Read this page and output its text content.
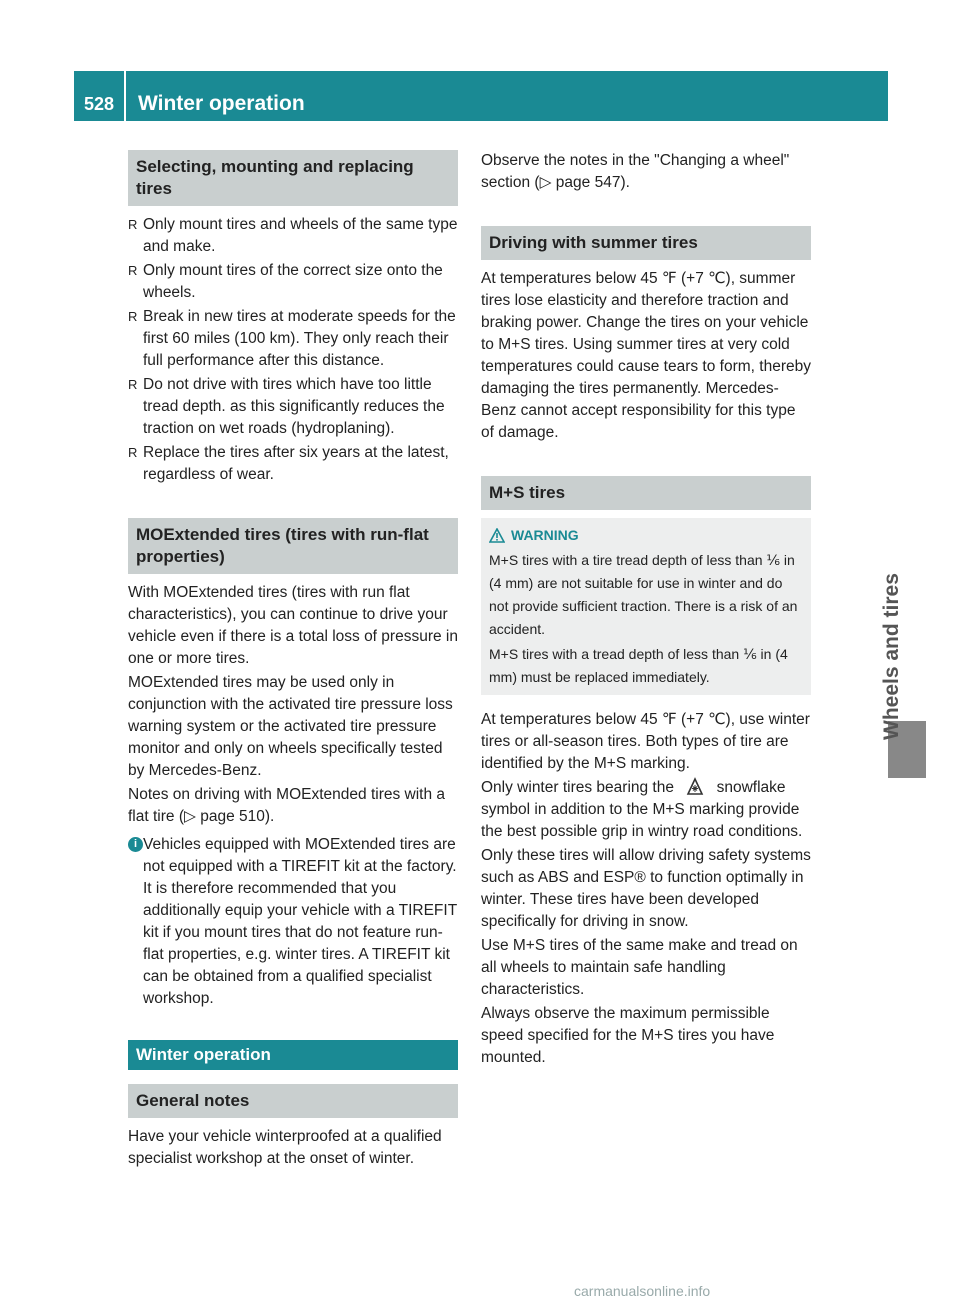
528	Winter operation
Wheels and tires
Selecting, mounting and replacing tires
R Only mount tires and wheels of the same type and make.
R Only mount tires of the correct size onto the wheels.
R Break in new tires at moderate speeds for the first 60 miles (100 km). They only reach their full performance after this distance.
R Do not drive with tires which have too little tread depth. as this significantly reduces the traction on wet roads (hydroplaning).
R Replace the tires after six years at the latest, regardless of wear.
MOExtended tires (tires with run-flat properties)

With MOExtended tires (tires with run flat characteristics), you can continue to drive your vehicle even if there is a total loss of pressure in one or more tires.

MOExtended tires may be used only in conjunction with the activated tire pressure loss warning system or the activated tire pressure monitor and only on wheels specifically tested by Mercedes-Benz.

Notes on driving with MOExtended tires with a flat tire (▷ page 510).

i Vehicles equipped with MOExtended tires are not equipped with a TIREFIT kit at the factory. It is therefore recommended that you additionally equip your vehicle with a TIREFIT kit if you mount tires that do not feature run-flat properties, e.g. winter tires. A TIREFIT kit can be obtained from a qualified specialist workshop.
Winter operation
General notes

Have your vehicle winterproofed at a qualified specialist workshop at the onset of winter.

Observe the notes in the "Changing a wheel" section (▷ page 547).

Driving with summer tires

At temperatures below 45 ℉ (+7 ℃), summer tires lose elasticity and therefore traction and braking power. Change the tires on your vehicle to M+S tires. Using summer tires at very cold temperatures could cause tears to form, thereby damaging the tires permanently. Mercedes-Benz cannot accept responsibility for this type of damage.

M+S tires
WARNING
M+S tires with a tire tread depth of less than ⅙ in (4 mm) are not suitable for use in winter and do not provide sufficient traction. There is a risk of an accident.
M+S tires with a tread depth of less than ⅙ in (4 mm) must be replaced immediately.

At temperatures below 45 ℉ (+7 ℃), use winter tires or all-season tires. Both types of tire are identified by the M+S marking.

Only winter tires bearing the	snowflake symbol in addition to the M+S marking provide the best possible grip in wintry road conditions.

Only these tires will allow driving safety systems such as ABS and ESP® to function optimally in winter. These tires have been developed specifically for driving in snow.

Use M+S tires of the same make and tread on all wheels to maintain safe handling characteristics.

Always observe the maximum permissible speed specified for the M+S tires you have mounted.

carmanualsonline.info
